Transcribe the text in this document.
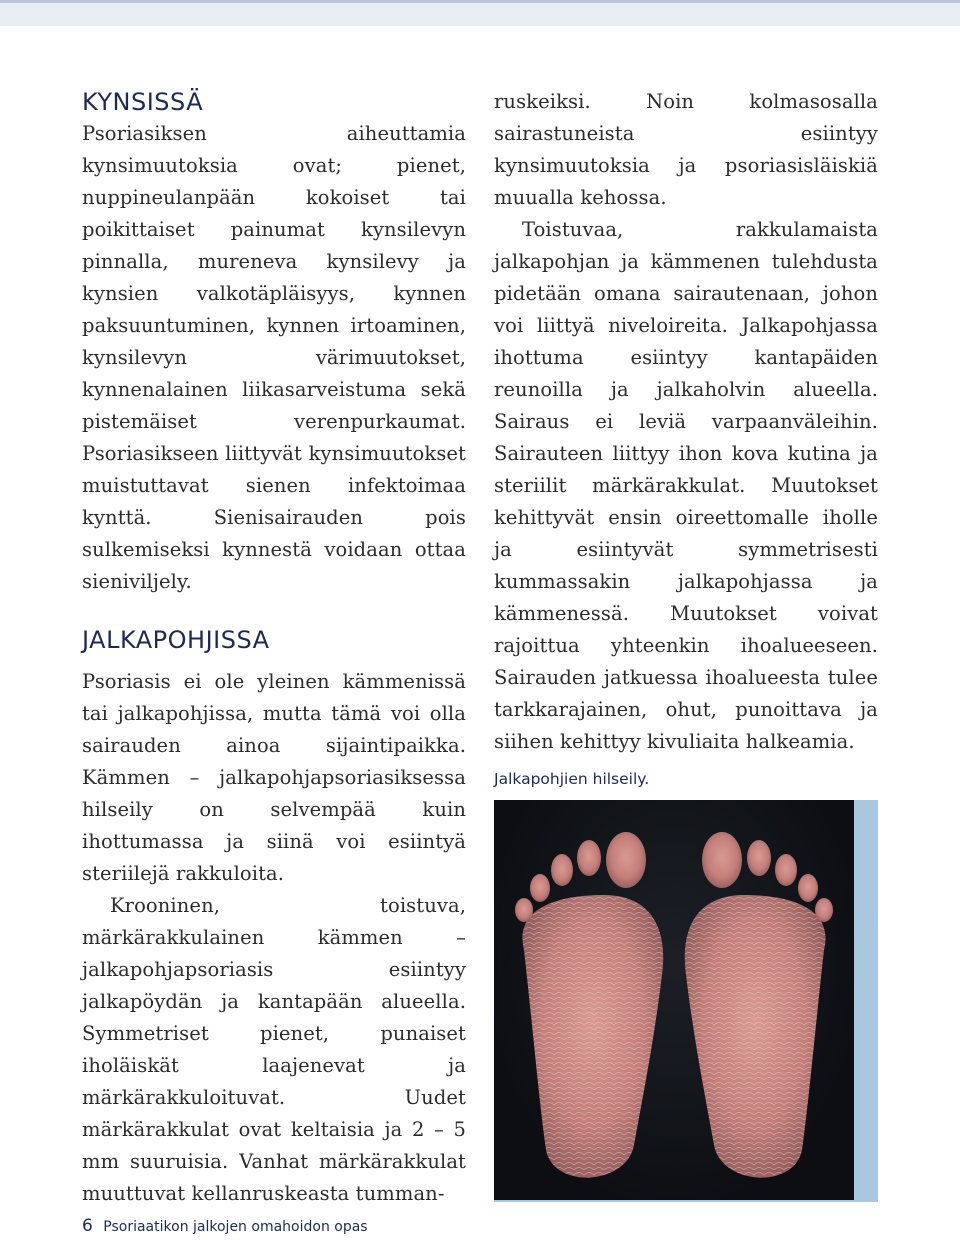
KYNSISSÄ

Psoriasiksen aiheuttamia kynsimuutoksia ovat; pienet, nuppineulanpään kokoiset tai poikittaiset painumat kynsilevyn pinnalla, mureneva kynsilevy ja kynsien valkotäpläisyys, kynnen paksuuntuminen, kynnen irtoaminen, kynsilevyn värimuutokset, kynnenalainen liikasarveistuma sekä pistemäiset verenpurkaumat. Psoriasikseen liittyvät kynsimuutokset muistuttavat sienen infektoimaa kynttä. Sienisairauden pois sulkemiseksi kynnestä voidaan ottaa sieniviljely.

JALKAPOHJISSA

Psoriasis ei ole yleinen kämmenissä tai jalkapohjissa, mutta tämä voi olla sairauden ainoa sijaintipaikka. Kämmen – jalkapohjapsoriasiksessa hilseily on selvempää kuin ihottumassa ja siinä voi esiintyä steriilejä rakkuloita.

Krooninen, toistuva, märkärakkulainen kämmen – jalkapohjapsoriasis esiintyy jalkapöydän ja kantapään alueella. Symmetriset pienet, punaiset iholäiskät laajenevat ja märkärakkuloituvat. Uudet märkärakkulat ovat keltaisia ja 2 – 5 mm suuruisia. Vanhat märkärakkulat muuttuvat kellanruskeasta tumman-

ruskeiksi. Noin kolmasosalla sairastuneista esiintyy kynsimuutoksia ja psoriasisläiskiä muualla kehossa.

Toistuvaa, rakkulamaista jalkapohjan ja kämmenen tulehdusta pidetään omana sairautenaan, johon voi liittyä niveloireita. Jalkapohjassa ihottuma esiintyy kantapäiden reunoilla ja jalkaholvin alueella. Sairaus ei leviä varpaanväleihin. Sairauteen liittyy ihon kova kutina ja steriilit märkärakkulat. Muutokset kehittyvät ensin oireettomalle iholle ja esiintyvät symmetrisesti kummassakin jalkapohjassa ja kämmenessä. Muutokset voivat rajoittua yhteenkin ihoalueeseen. Sairauden jatkuessa ihoalueesta tulee tarkkarajainen, ohut, punoittava ja siihen kehittyy kivuliaita halkeamia.

Jalkapohjien hilseily.
6 Psoriaatikon jalkojen omahoidon opas
